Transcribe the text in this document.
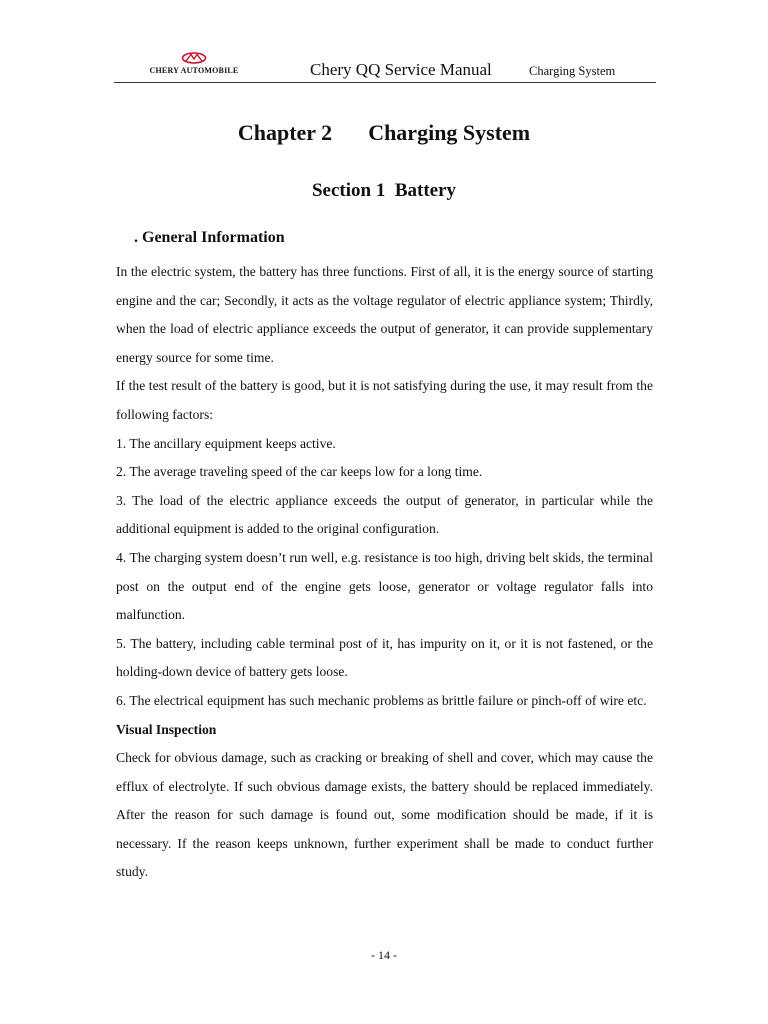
CHERY AUTOMOBILE	Chery QQ Service Manual	Charging System
Chapter 2 Charging System
Section 1  Battery
. General Information

In the electric system, the battery has three functions. First of all, it is the energy source of starting engine and the car; Secondly, it acts as the voltage regulator of electric appliance system; Thirdly, when the load of electric appliance exceeds the output of generator, it can provide supplementary energy source for some time.

If the test result of the battery is good, but it is not satisfying during the use, it may result from the following factors:

1. The ancillary equipment keeps active.

2. The average traveling speed of the car keeps low for a long time.

3. The load of the electric appliance exceeds the output of generator, in particular while the additional equipment is added to the original configuration.

4. The charging system doesn’t run well, e.g. resistance is too high, driving belt skids, the terminal post on the output end of the engine gets loose, generator or voltage regulator falls into malfunction.

5. The battery, including cable terminal post of it, has impurity on it, or it is not fastened, or the holding-down device of battery gets loose.

6. The electrical equipment has such mechanic problems as brittle failure or pinch-off of wire etc.

Visual Inspection

Check for obvious damage, such as cracking or breaking of shell and cover, which may cause the efflux of electrolyte. If such obvious damage exists, the battery should be replaced immediately. After the reason for such damage is found out, some modification should be made, if it is necessary. If the reason keeps unknown, further experiment shall be made to conduct further study.

- 14 -
